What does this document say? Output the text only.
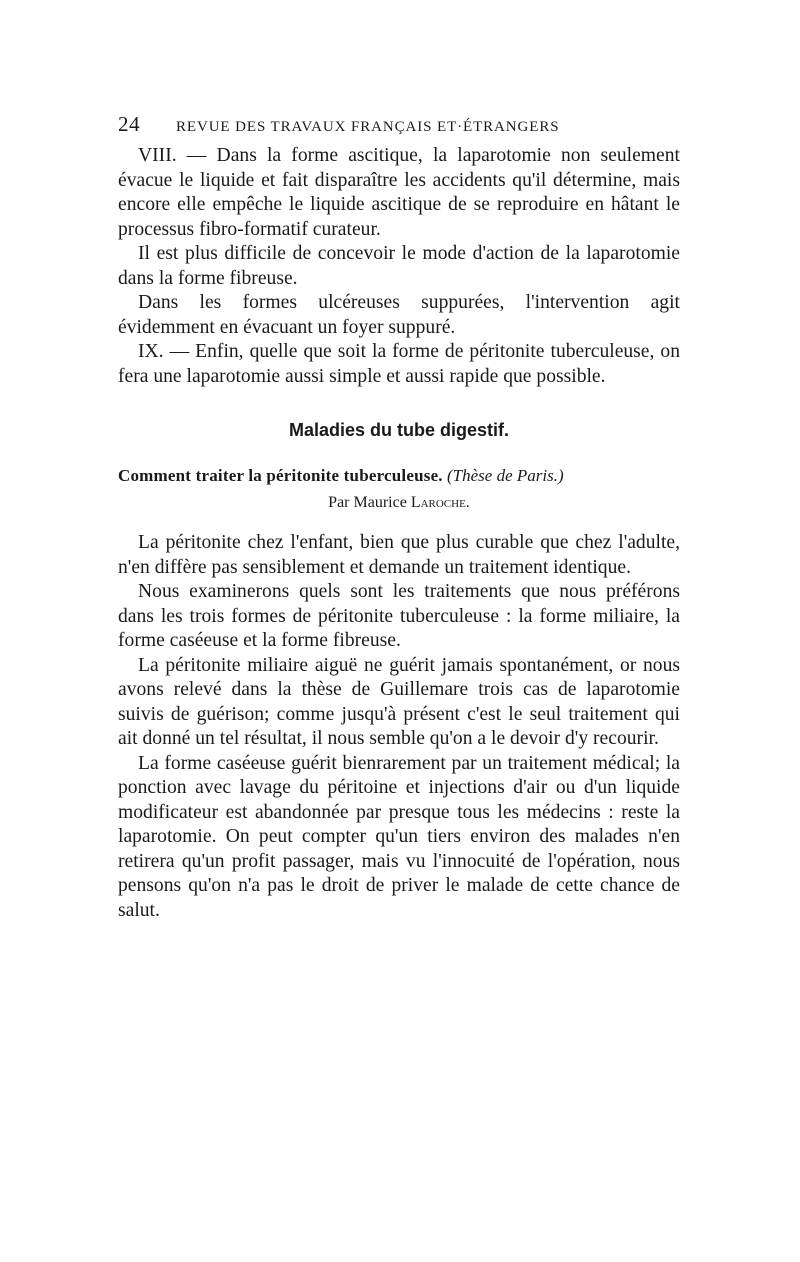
24	REVUE DES TRAVAUX FRANÇAIS ET·ÉTRANGERS

VIII. — Dans la forme ascitique, la laparotomie non seulement évacue le liquide et fait disparaître les accidents qu'il détermine, mais encore elle empêche le liquide ascitique de se reproduire en hâtant le processus fibro-formatif curateur.

Il est plus difficile de concevoir le mode d'action de la laparotomie dans la forme fibreuse.

Dans les formes ulcéreuses suppurées, l'intervention agit évidemment en évacuant un foyer suppuré.

IX. — Enfin, quelle que soit la forme de péritonite tuberculeuse, on fera une laparotomie aussi simple et aussi rapide que possible.

Maladies du tube digestif.

Comment traiter la péritonite tuberculeuse. (Thèse de Paris.)

Par Maurice Laroche.

La péritonite chez l'enfant, bien que plus curable que chez l'adulte, n'en diffère pas sensiblement et demande un traitement identique.

Nous examinerons quels sont les traitements que nous préférons dans les trois formes de péritonite tuberculeuse : la forme miliaire, la forme caséeuse et la forme fibreuse.

La péritonite miliaire aiguë ne guérit jamais spontanément, or nous avons relevé dans la thèse de Guillemare trois cas de laparotomie suivis de guérison; comme jusqu'à présent c'est le seul traitement qui ait donné un tel résultat, il nous semble qu'on a le devoir d'y recourir.

La forme caséeuse guérit bienrarement par un traitement médical; la ponction avec lavage du péritoine et injections d'air ou d'un liquide modificateur est abandonnée par presque tous les médecins : reste la laparotomie. On peut compter qu'un tiers environ des malades n'en retirera qu'un profit passager, mais vu l'innocuité de l'opération, nous pensons qu'on n'a pas le droit de priver le malade de cette chance de salut.
